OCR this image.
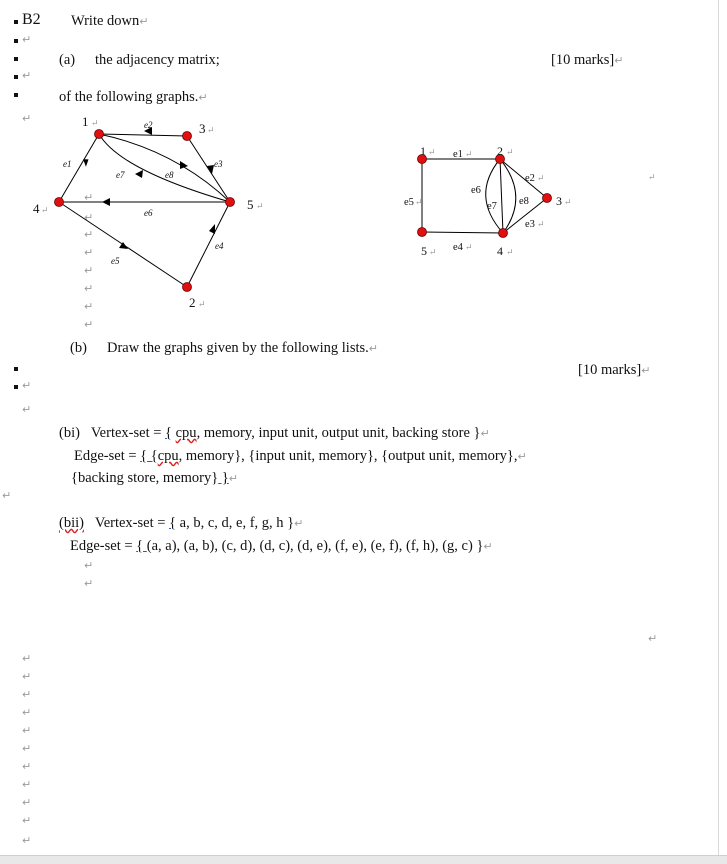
B2 Write down↵
↵
(a) the adjacency matrix;	[10 marks]↵
↵
of the following graphs.↵
↵	1	3
4	5
2
e1
e2
e3
e4
e5
e6
e7	e8
↵
↵
↵	↵
↵
1	2
3
4
5
e1
e2
e3
e4
e5
e6
e7 e8
↵	↵	↵
↵
↵
↵
↵
↵	↵	↵
↵
↵
↵
↵
↵
↵
↵
↵
↵
(b) Draw the graphs given by the following lists.↵
[10 marks]↵
↵
↵
(bi) Vertex-set = { cpu, memory, input unit, output unit, backing store }↵
Edge-set = { {cpu, memory}, {input unit, memory}, {output unit, memory},↵
{backing store, memory} }↵
↵
(bii) Vertex-set = { a, b, c, d, e, f, g, h }↵
Edge-set = { (a, a), (a, b), (c, d), (d, c), (d, e), (f, e), (e, f), (f, h), (g, c) }↵
↵
↵
↵
↵
↵
↵
↵
↵
↵
↵
↵
↵
↵
↵
